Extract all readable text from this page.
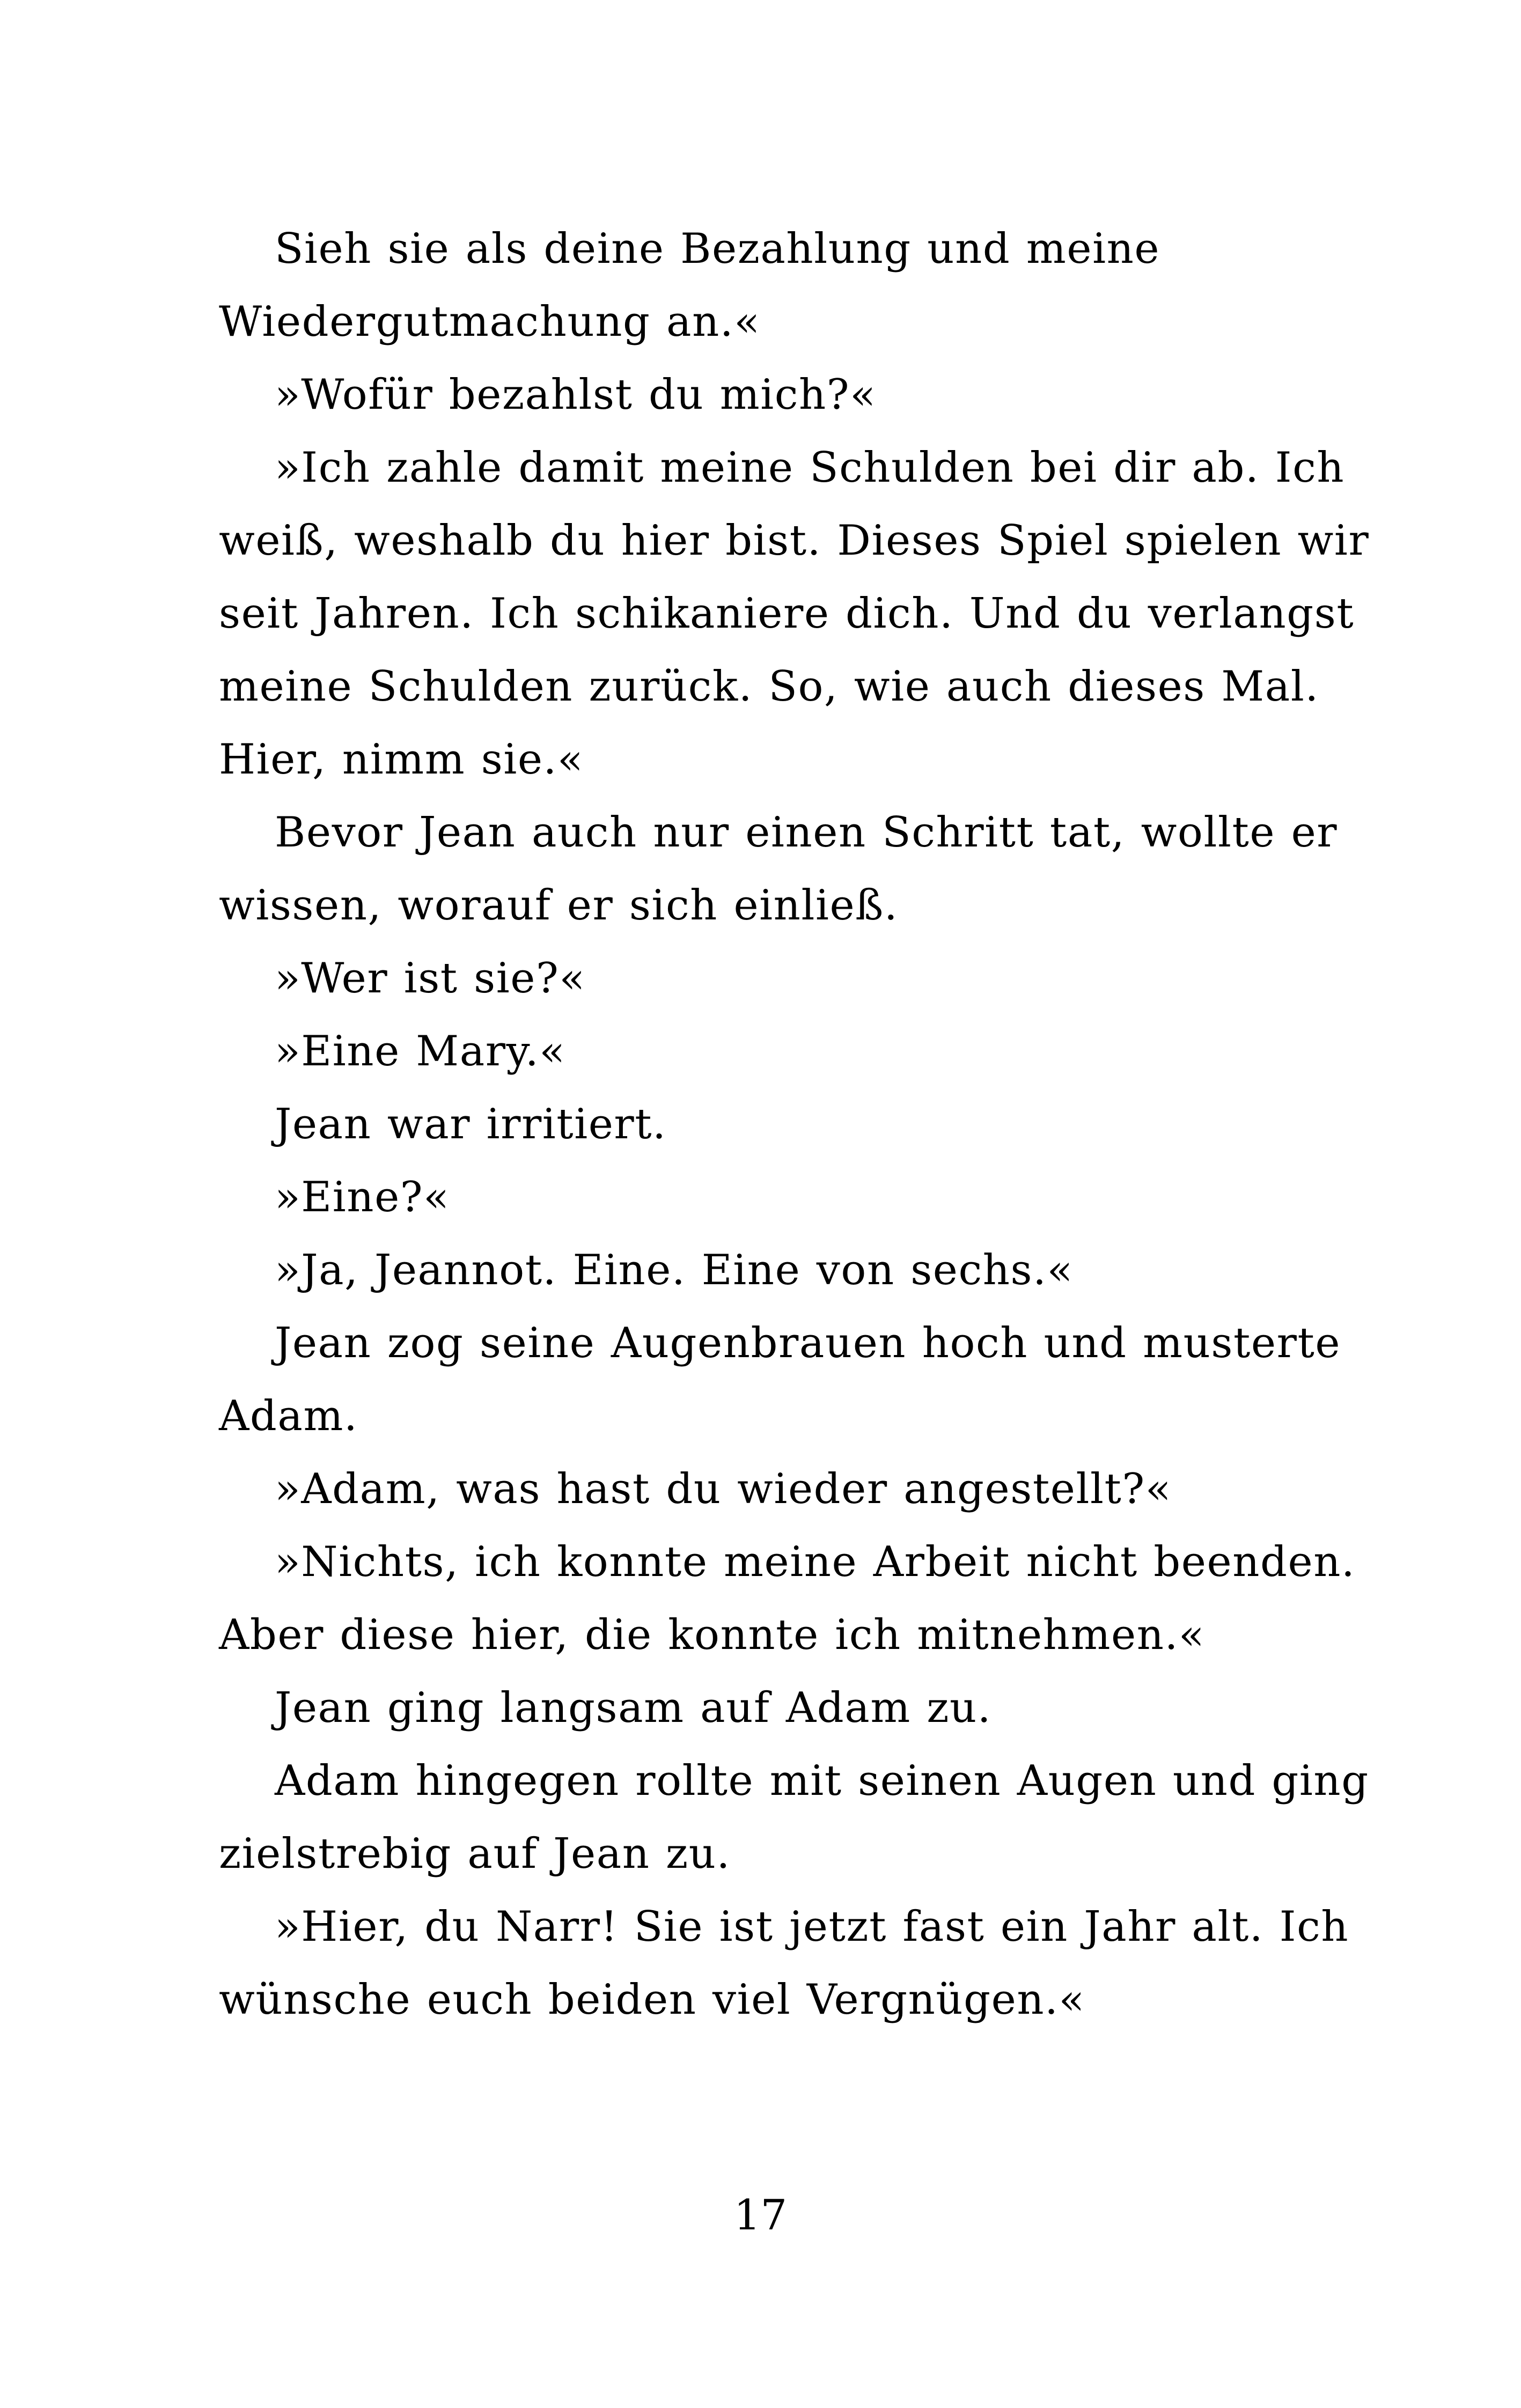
Sieh sie als deine Bezahlung und meine
Wiedergutmachung an.«
»Wofür bezahlst du mich?«
»Ich zahle damit meine Schulden bei dir ab. Ich
weiß, weshalb du hier bist. Dieses Spiel spielen wir
seit Jahren. Ich schikaniere dich. Und du verlangst
meine Schulden zurück. So, wie auch dieses Mal.
Hier, nimm sie.«
Bevor Jean auch nur einen Schritt tat, wollte er
wissen, worauf er sich einließ.
»Wer ist sie?«
»Eine Mary.«
Jean war irritiert.
»Eine?«
»Ja, Jeannot. Eine. Eine von sechs.«
Jean zog seine Augenbrauen hoch und musterte
Adam.
»Adam, was hast du wieder angestellt?«
»Nichts, ich konnte meine Arbeit nicht beenden.
Aber diese hier, die konnte ich mitnehmen.«
Jean ging langsam auf Adam zu.
Adam hingegen rollte mit seinen Augen und ging
zielstrebig auf Jean zu.
»Hier, du Narr! Sie ist jetzt fast ein Jahr alt. Ich
wünsche euch beiden viel Vergnügen.«
17
